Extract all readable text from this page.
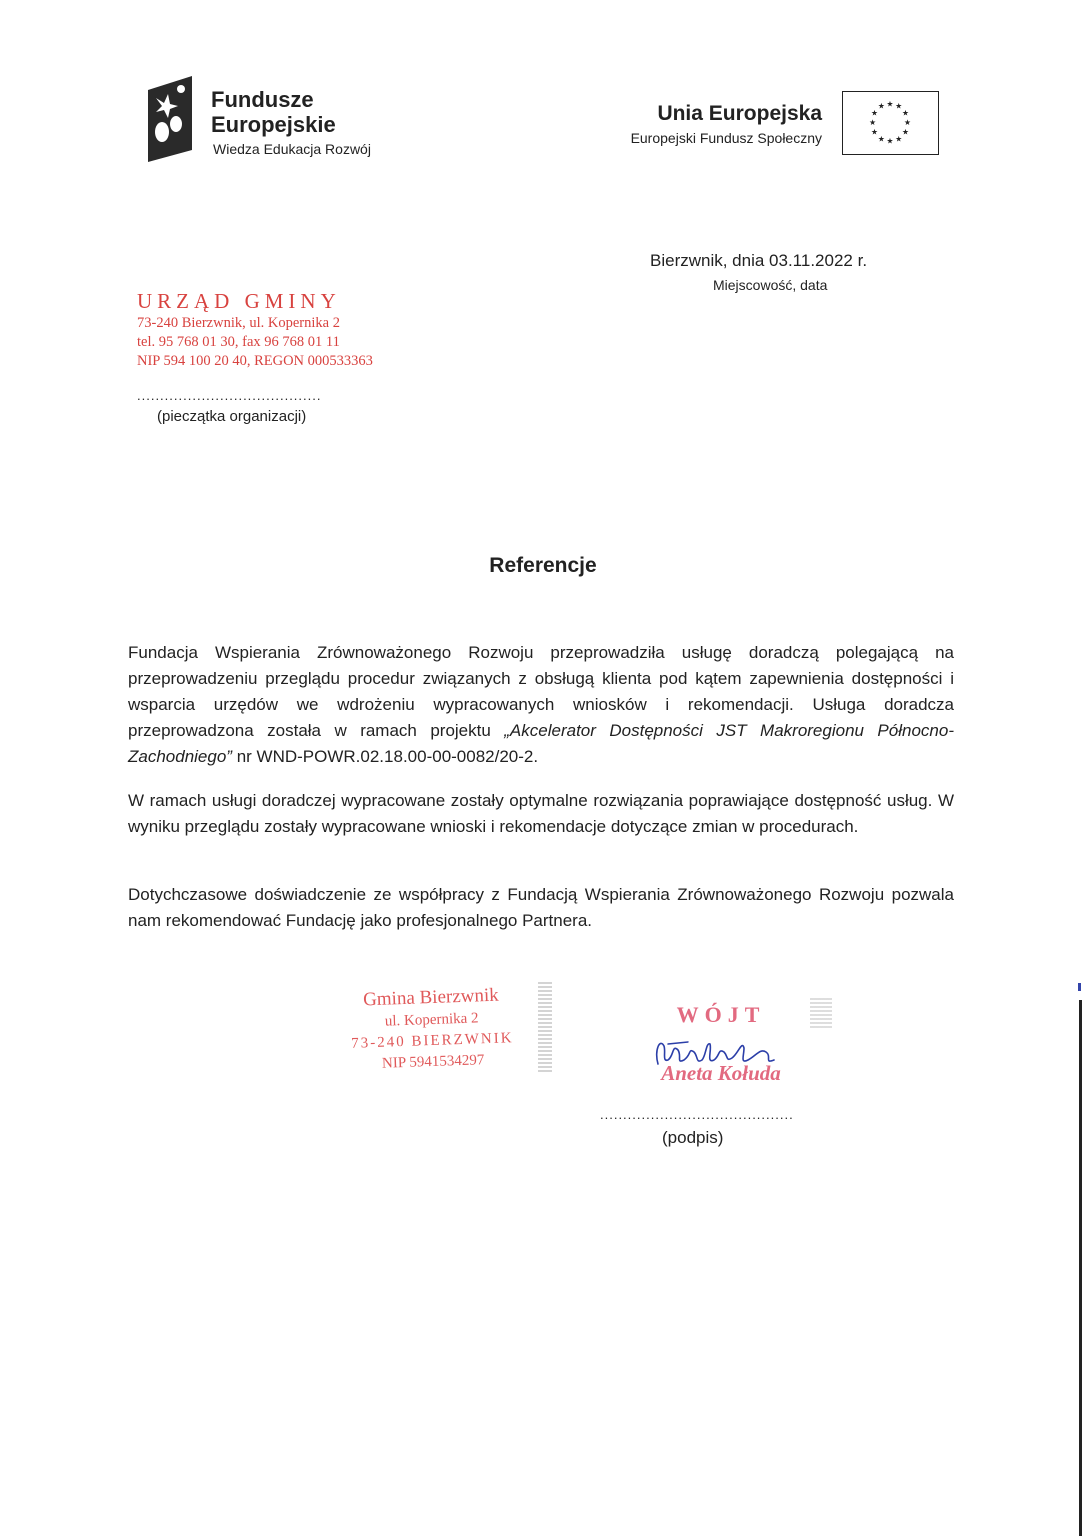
Fundusze
Europejskie
Wiedza Edukacja Rozwój
Unia Europejska
Europejski Fundusz Społeczny
★
★ ★
★	★
★	★
★	★
★ ★
★
Bierzwnik, dnia 03.11.2022 r.
Miejscowość, data
URZĄD GMINY
73-240 Bierzwnik, ul. Kopernika 2
tel. 95 768 01 30, fax 96 768 01 11
NIP 594 100 20 40, REGON 000533363
........................................
(pieczątka organizacji)
Referencje
Fundacja Wspierania Zrównoważonego Rozwoju przeprowadziła usługę doradczą polegającą na przeprowadzeniu przeglądu procedur związanych z obsługą klienta pod kątem zapewnienia dostępności i wsparcia urzędów we wdrożeniu wypracowanych wniosków i rekomendacji. Usługa doradcza przeprowadzona została w ramach projektu „Akcelerator Dostępności JST Makroregionu Północno-Zachodniego” nr WND-POWR.02.18.00-00-0082/20-2.
W ramach usługi doradczej wypracowane zostały optymalne rozwiązania poprawiające dostępność usług. W wyniku przeglądu zostały wypracowane wnioski i rekomendacje dotyczące zmian w procedurach.
Dotychczasowe doświadczenie ze współpracy z Fundacją Wspierania Zrównoważonego Rozwoju pozwala nam rekomendować Fundację jako profesjonalnego Partnera.
Gmina Bierzwnik
ul. Kopernika 2
73-240 BIERZWNIK
NIP 5941534297
WÓJT
Aneta Kołuda
..........................................
(podpis)
